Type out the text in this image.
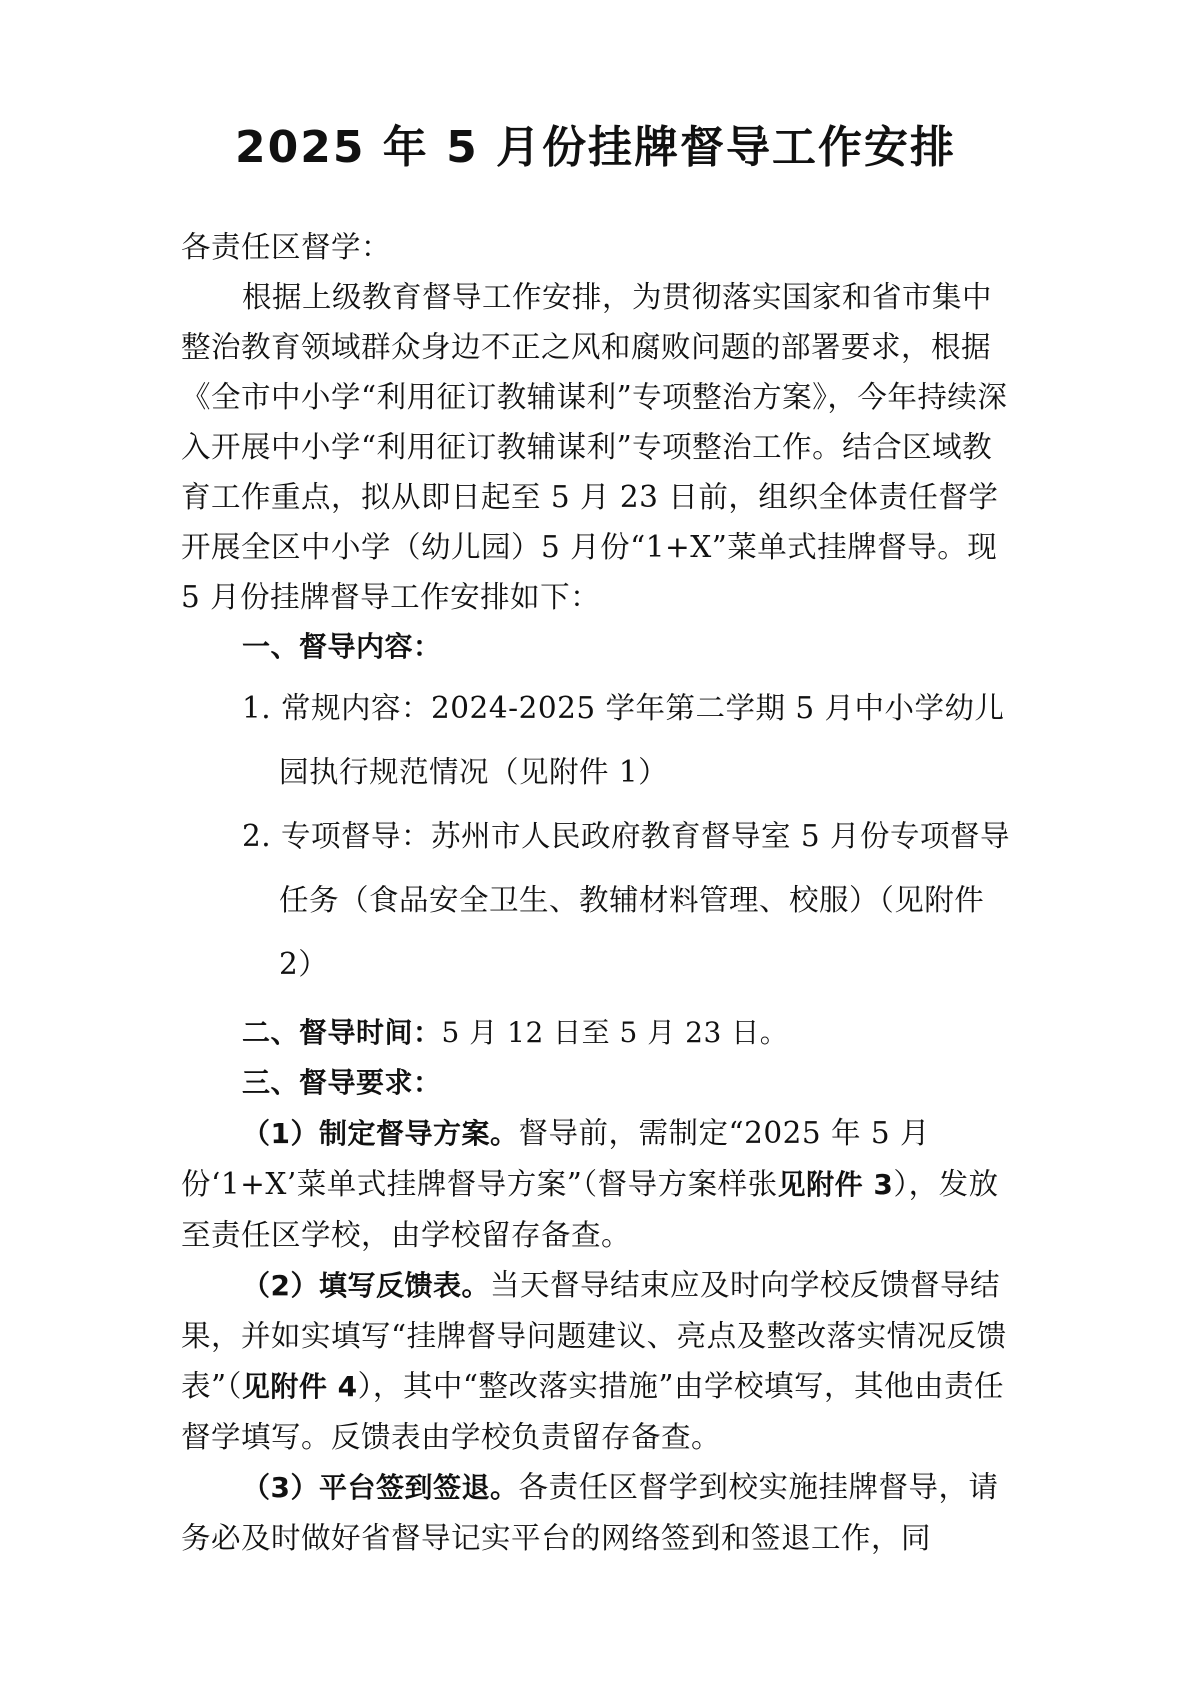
2025 年 5 月份挂牌督导工作安排

各责任区督学：

根据上级教育督导工作安排，为贯彻落实国家和省市集中整治教育领域群众身边不正之风和腐败问题的部署要求，根据《全市中小学“利用征订教辅谋利”专项整治方案》，今年持续深入开展中小学“利用征订教辅谋利”专项整治工作。结合区域教育工作重点，拟从即日起至 5 月 23 日前，组织全体责任督学开展全区中小学（幼儿园）5 月份“1+X”菜单式挂牌督导。现 5 月份挂牌督导工作安排如下：

一、督导内容：

1. 常规内容：2024-2025 学年第二学期 5 月中小学幼儿园执行规范情况（见附件 1）

2. 专项督导：苏州市人民政府教育督导室 5 月份专项督导任务（食品安全卫生、教辅材料管理、校服）（见附件 2）

二、督导时间：5 月 12 日至 5 月 23 日。

三、督导要求：

（1）制定督导方案。督导前，需制定“2025 年 5 月份‘1+X’菜单式挂牌督导方案”（督导方案样张见附件 3），发放至责任区学校，由学校留存备查。

（2）填写反馈表。当天督导结束应及时向学校反馈督导结果，并如实填写“挂牌督导问题建议、亮点及整改落实情况反馈表”（见附件 4），其中“整改落实措施”由学校填写，其他由责任督学填写。反馈表由学校负责留存备查。

（3）平台签到签退。各责任区督学到校实施挂牌督导，请务必及时做好省督导记实平台的网络签到和签退工作，同
